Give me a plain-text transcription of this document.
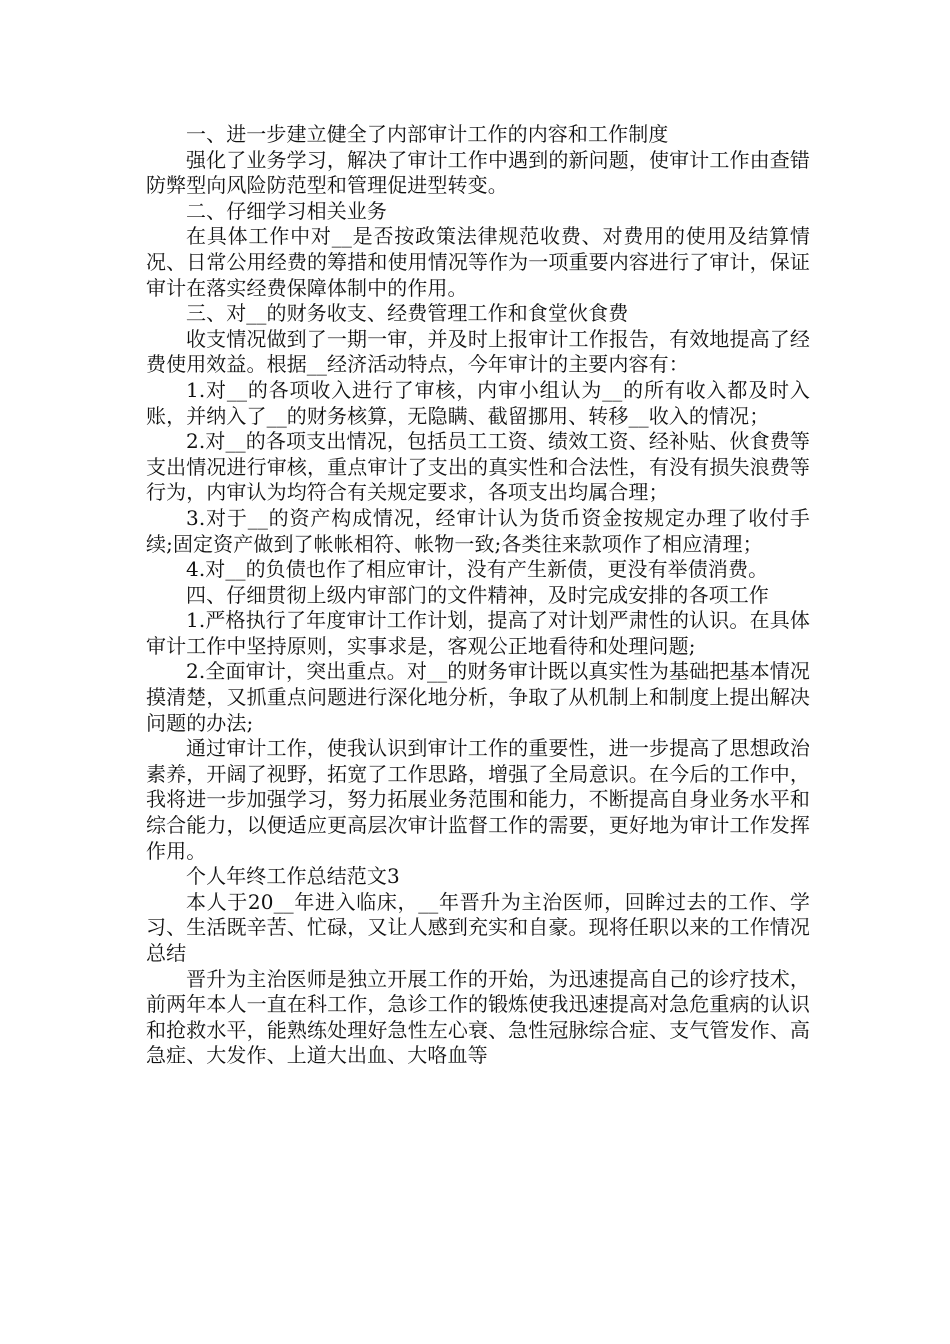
一、进一步建立健全了内部审计工作的内容和工作制度

强化了业务学习，解决了审计工作中遇到的新问题，使审计工作由查错防弊型向风险防范型和管理促进型转变。

二、仔细学习相关业务

在具体工作中对__是否按政策法律规范收费、对费用的使用及结算情况、日常公用经费的筹措和使用情况等作为一项重要内容进行了审计，保证审计在落实经费保障体制中的作用。

三、对__的财务收支、经费管理工作和食堂伙食费

收支情况做到了一期一审，并及时上报审计工作报告，有效地提高了经费使用效益。根据__经济活动特点，今年审计的主要内容有：

1.对__的各项收入进行了审核，内审小组认为__的所有收入都及时入账，并纳入了__的财务核算，无隐瞒、截留挪用、转移__收入的情况；

2.对__的各项支出情况，包括员工工资、绩效工资、经补贴、伙食费等支出情况进行审核，重点审计了支出的真实性和合法性，有没有损失浪费等行为，内审认为均符合有关规定要求，各项支出均属合理；

3.对于__的资产构成情况，经审计认为货币资金按规定办理了收付手续;固定资产做到了帐帐相符、帐物一致;各类往来款项作了相应清理；

4.对__的负债也作了相应审计，没有产生新债，更没有举债消费。

四、仔细贯彻上级内审部门的文件精神，及时完成安排的各项工作

1.严格执行了年度审计工作计划，提高了对计划严肃性的认识。在具体审计工作中坚持原则，实事求是，客观公正地看待和处理问题;

2.全面审计，突出重点。对__的财务审计既以真实性为基础把基本情况摸清楚，又抓重点问题进行深化地分析，争取了从机制上和制度上提出解决问题的办法;

通过审计工作，使我认识到审计工作的重要性，进一步提高了思想政治素养，开阔了视野，拓宽了工作思路，增强了全局意识。在今后的工作中，我将进一步加强学习，努力拓展业务范围和能力，不断提高自身业务水平和综合能力，以便适应更高层次审计监督工作的需要，更好地为审计工作发挥作用。

个人年终工作总结范文3

本人于20__年进入临床，__年晋升为主治医师，回眸过去的工作、学习、生活既辛苦、忙碌，又让人感到充实和自豪。现将任职以来的工作情况总结

晋升为主治医师是独立开展工作的开始，为迅速提高自己的诊疗技术，前两年本人一直在科工作，急诊工作的锻炼使我迅速提高对急危重病的认识和抢救水平，能熟练处理好急性左心衰、急性冠脉综合症、支气管发作、高急症、大发作、上道大出血、大咯血等
